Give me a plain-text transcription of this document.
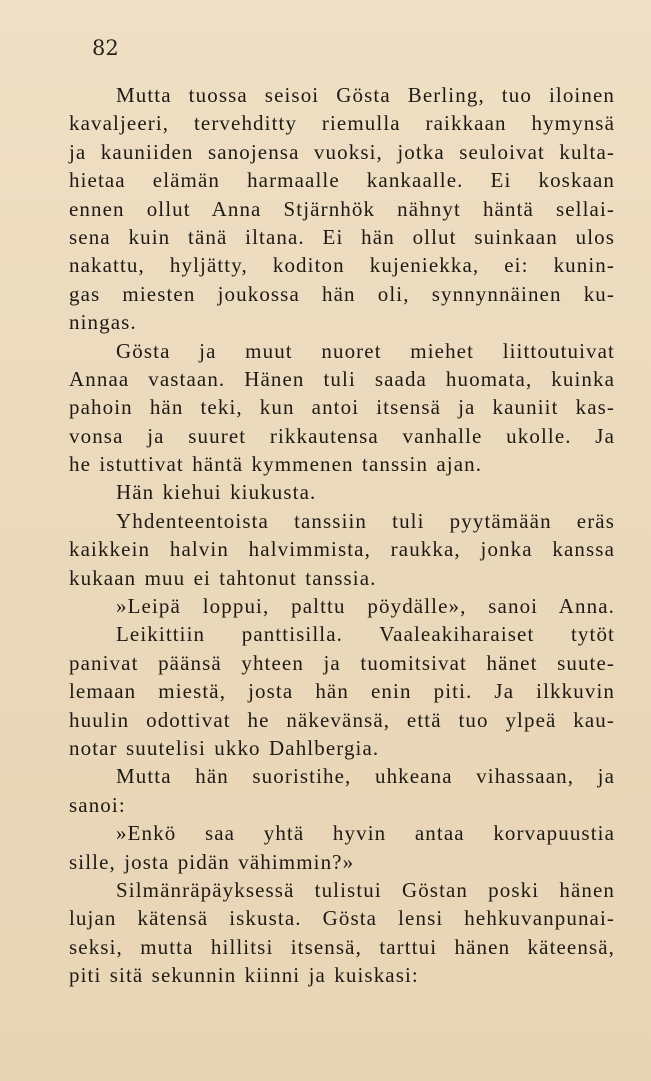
82
Mutta tuossa seisoi Gösta Berling, tuo iloinen
kavaljeeri, tervehditty riemulla raikkaan hymynsä
ja kauniiden sanojensa vuoksi, jotka seuloivat kulta-
hietaa elämän harmaalle kankaalle. Ei koskaan
ennen ollut Anna Stjärnhök nähnyt häntä sellai-
sena kuin tänä iltana. Ei hän ollut suinkaan ulos
nakattu, hyljätty, koditon kujeniekka, ei: kunin-
gas miesten joukossa hän oli, synnynnäinen ku-
ningas.
Gösta ja muut nuoret miehet liittoutuivat
Annaa vastaan. Hänen tuli saada huomata, kuinka
pahoin hän teki, kun antoi itsensä ja kauniit kas-
vonsa ja suuret rikkautensa vanhalle ukolle. Ja
he istuttivat häntä kymmenen tanssin ajan.
Hän kiehui kiukusta.
Yhdenteentoista tanssiin tuli pyytämään eräs
kaikkein halvin halvimmista, raukka, jonka kanssa
kukaan muu ei tahtonut tanssia.
»Leipä loppui, palttu pöydälle», sanoi Anna.
Leikittiin panttisilla. Vaaleakiharaiset tytöt
panivat päänsä yhteen ja tuomitsivat hänet suute-
lemaan miestä, josta hän enin piti. Ja ilkkuvin
huulin odottivat he näkevänsä, että tuo ylpeä kau-
notar suutelisi ukko Dahlbergia.
Mutta hän suoristihe, uhkeana vihassaan, ja
sanoi:
»Enkö saa yhtä hyvin antaa korvapuustia
sille, josta pidän vähimmin?»
Silmänräpäyksessä tulistui Göstan poski hänen
lujan kätensä iskusta. Gösta lensi hehkuvanpunai-
seksi, mutta hillitsi itsensä, tarttui hänen käteensä,
piti sitä sekunnin kiinni ja kuiskasi:
